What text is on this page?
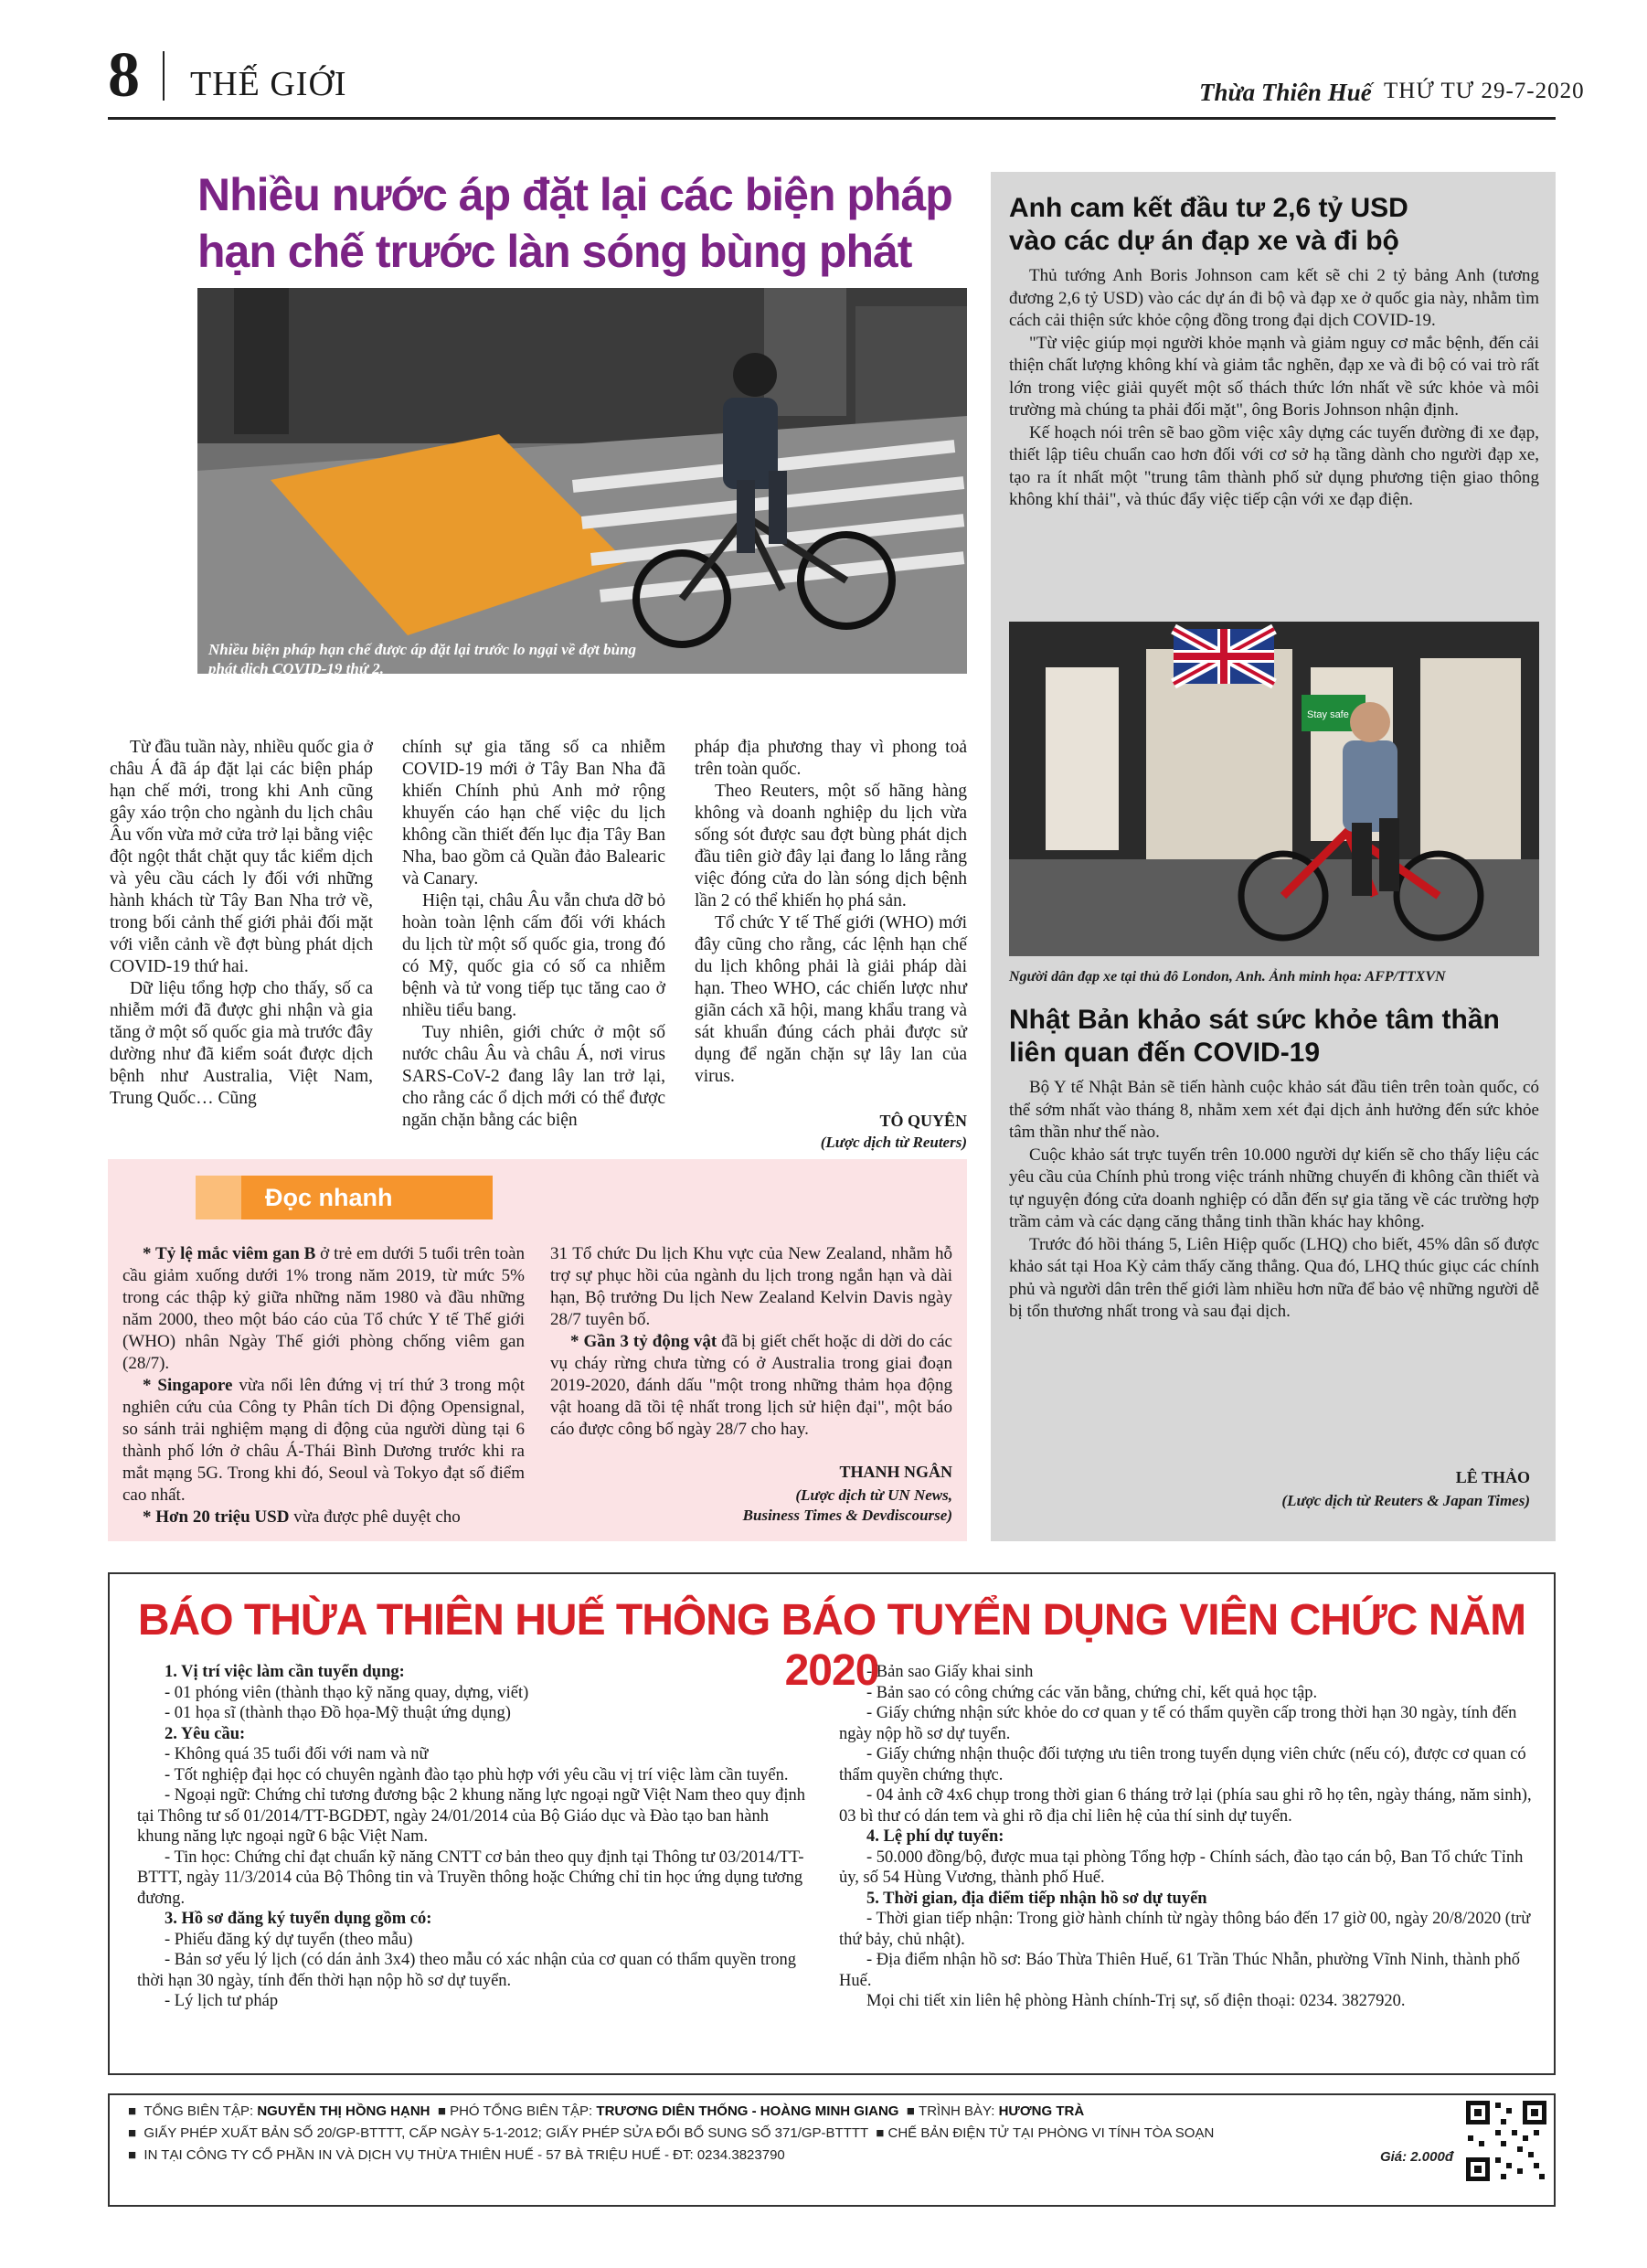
8 THẾ GIỚI	Thừa Thiên Huế THỨ TƯ 29-7-2020
Nhiều nước áp đặt lại các biện pháp hạn chế trước làn sóng bùng phát
Nhiều biện pháp hạn chế được áp đặt lại trước lo ngại về đợt bùng phát dịch COVID-19 thứ 2.
Ảnh minh họa Reuters/NLĐ

Từ đầu tuần này, nhiều quốc gia ở châu Á đã áp đặt lại các biện pháp hạn chế mới, trong khi Anh cũng gây xáo trộn cho ngành du lịch châu Âu vốn vừa mở cửa trở lại bằng việc đột ngột thắt chặt quy tắc kiểm dịch và yêu cầu cách ly đối với những hành khách từ Tây Ban Nha trở về, trong bối cảnh thế giới phải đối mặt với viễn cảnh về đợt bùng phát dịch COVID-19 thứ hai.

Dữ liệu tổng hợp cho thấy, số ca nhiễm mới đã được ghi nhận và gia tăng ở một số quốc gia mà trước đây dường như đã kiểm soát được dịch bệnh như Australia, Việt Nam, Trung Quốc… Cũng

chính sự gia tăng số ca nhiễm COVID-19 mới ở Tây Ban Nha đã khiến Chính phủ Anh mở rộng khuyến cáo hạn chế việc du lịch không cần thiết đến lục địa Tây Ban Nha, bao gồm cả Quần đảo Balearic và Canary.

Hiện tại, châu Âu vẫn chưa dỡ bỏ hoàn toàn lệnh cấm đối với khách du lịch từ một số quốc gia, trong đó có Mỹ, quốc gia có số ca nhiễm bệnh và tử vong tiếp tục tăng cao ở nhiều tiểu bang.

Tuy nhiên, giới chức ở một số nước châu Âu và châu Á, nơi virus SARS-CoV-2 đang lây lan trở lại, cho rằng các ổ dịch mới có thể được ngăn chặn bằng các biện

pháp địa phương thay vì phong toả trên toàn quốc.

Theo Reuters, một số hãng hàng không và doanh nghiệp du lịch vừa sống sót được sau đợt bùng phát dịch đầu tiên giờ đây lại đang lo lắng rằng việc đóng cửa do làn sóng dịch bệnh lần 2 có thể khiến họ phá sản.

Tổ chức Y tế Thế giới (WHO) mới đây cũng cho rằng, các lệnh hạn chế du lịch không phải là giải pháp dài hạn. Theo WHO, các chiến lược như giãn cách xã hội, mang khẩu trang và sát khuẩn đúng cách phải được sử dụng để ngăn chặn sự lây lan của virus.

TÔ QUYÊN
(Lược dịch từ Reuters)
Đọc nhanh

* Tỷ lệ mắc viêm gan B ở trẻ em dưới 5 tuổi trên toàn cầu giảm xuống dưới 1% trong năm 2019, từ mức 5% trong các thập kỷ giữa những năm 1980 và đầu những năm 2000, theo một báo cáo của Tổ chức Y tế Thế giới (WHO) nhân Ngày Thế giới phòng chống viêm gan (28/7).

* Singapore vừa nổi lên đứng vị trí thứ 3 trong một nghiên cứu của Công ty Phân tích Di động Opensignal, so sánh trải nghiệm mạng di động của người dùng tại 6 thành phố lớn ở châu Á-Thái Bình Dương trước khi ra mắt mạng 5G. Trong khi đó, Seoul và Tokyo đạt số điểm cao nhất.

* Hơn 20 triệu USD vừa được phê duyệt cho

31 Tổ chức Du lịch Khu vực của New Zealand, nhằm hỗ trợ sự phục hồi của ngành du lịch trong ngắn hạn và dài hạn, Bộ trưởng Du lịch New Zealand Kelvin Davis ngày 28/7 tuyên bố.

* Gần 3 tỷ động vật đã bị giết chết hoặc di dời do các vụ cháy rừng chưa từng có ở Australia trong giai đoạn 2019-2020, đánh dấu "một trong những thảm họa động vật hoang dã tồi tệ nhất trong lịch sử hiện đại", một báo cáo được công bố ngày 28/7 cho hay.

THANH NGÂN
(Lược dịch từ UN News,
Business Times & Devdiscourse)
Anh cam kết đầu tư 2,6 tỷ USD
vào các dự án đạp xe và đi bộ

Thủ tướng Anh Boris Johnson cam kết sẽ chi 2 tỷ bảng Anh (tương đương 2,6 tỷ USD) vào các dự án đi bộ và đạp xe ở quốc gia này, nhằm tìm cách cải thiện sức khỏe cộng đồng trong đại dịch COVID-19.

"Từ việc giúp mọi người khỏe mạnh và giảm nguy cơ mắc bệnh, đến cải thiện chất lượng không khí và giảm tắc nghẽn, đạp xe và đi bộ có vai trò rất lớn trong việc giải quyết một số thách thức lớn nhất về sức khỏe và môi trường mà chúng ta phải đối mặt", ông Boris Johnson nhận định.

Kế hoạch nói trên sẽ bao gồm việc xây dựng các tuyến đường đi xe đạp, thiết lập tiêu chuẩn cao hơn đối với cơ sở hạ tầng dành cho người đạp xe, tạo ra ít nhất một "trung tâm thành phố sử dụng phương tiện giao thông không khí thải", và thúc đẩy việc tiếp cận với xe đạp điện.

Stay safe
Người dân đạp xe tại thủ đô London, Anh. Ảnh minh họa: AFP/TTXVN
Nhật Bản khảo sát sức khỏe tâm thần
liên quan đến COVID-19

Bộ Y tế Nhật Bản sẽ tiến hành cuộc khảo sát đầu tiên trên toàn quốc, có thể sớm nhất vào tháng 8, nhằm xem xét đại dịch ảnh hưởng đến sức khỏe tâm thần như thế nào.

Cuộc khảo sát trực tuyến trên 10.000 người dự kiến sẽ cho thấy liệu các yêu cầu của Chính phủ trong việc tránh những chuyến đi không cần thiết và tự nguyện đóng cửa doanh nghiệp có dẫn đến sự gia tăng về các trường hợp trầm cảm và các dạng căng thẳng tinh thần khác hay không.

Trước đó hồi tháng 5, Liên Hiệp quốc (LHQ) cho biết, 45% dân số được khảo sát tại Hoa Kỳ cảm thấy căng thẳng. Qua đó, LHQ thúc giục các chính phủ và người dân trên thế giới làm nhiều hơn nữa để bảo vệ những người dễ bị tổn thương nhất trong và sau đại dịch.

LÊ THẢO
(Lược dịch từ Reuters & Japan Times)
BÁO THỪA THIÊN HUẾ THÔNG BÁO TUYỂN DỤNG VIÊN CHỨC NĂM 2020
1. Vị trí việc làm cần tuyển dụng:
- 01 phóng viên (thành thạo kỹ năng quay, dựng, viết)
- 01 họa sĩ (thành thạo Đồ họa-Mỹ thuật ứng dụng)
2. Yêu cầu:
- Không quá 35 tuổi đối với nam và nữ
- Tốt nghiệp đại học có chuyên ngành đào tạo phù hợp với yêu cầu vị trí việc làm cần tuyển.
- Ngoại ngữ: Chứng chỉ tương đương bậc 2 khung năng lực ngoại ngữ Việt Nam theo quy định tại Thông tư số 01/2014/TT-BGDĐT, ngày 24/01/2014 của Bộ Giáo dục và Đào tạo ban hành khung năng lực ngoại ngữ 6 bậc Việt Nam.
- Tin học: Chứng chỉ đạt chuẩn kỹ năng CNTT cơ bản theo quy định tại Thông tư 03/2014/TT-BTTT, ngày 11/3/2014 của Bộ Thông tin và Truyền thông hoặc Chứng chỉ tin học ứng dụng tương đương.
3. Hồ sơ đăng ký tuyển dụng gồm có:
- Phiếu đăng ký dự tuyển (theo mẫu)
- Bản sơ yếu lý lịch (có dán ảnh 3x4) theo mẫu có xác nhận của cơ quan có thẩm quyền trong thời hạn 30 ngày, tính đến thời hạn nộp hồ sơ dự tuyển.
- Lý lịch tư pháp
- Bản sao Giấy khai sinh
- Bản sao có công chứng các văn bằng, chứng chỉ, kết quả học tập.
- Giấy chứng nhận sức khỏe do cơ quan y tế có thẩm quyền cấp trong thời hạn 30 ngày, tính đến ngày nộp hồ sơ dự tuyển.
- Giấy chứng nhận thuộc đối tượng ưu tiên trong tuyển dụng viên chức (nếu có), được cơ quan có thẩm quyền chứng thực.
- 04 ảnh cỡ 4x6 chụp trong thời gian 6 tháng trở lại (phía sau ghi rõ họ tên, ngày tháng, năm sinh), 03 bì thư có dán tem và ghi rõ địa chỉ liên hệ của thí sinh dự tuyển.
4. Lệ phí dự tuyển:
- 50.000 đồng/bộ, được mua tại phòng Tổng hợp - Chính sách, đào tạo cán bộ, Ban Tổ chức Tỉnh ủy, số 54 Hùng Vương, thành phố Huế.
5. Thời gian, địa điểm tiếp nhận hồ sơ dự tuyển
- Thời gian tiếp nhận: Trong giờ hành chính từ ngày thông báo đến 17 giờ 00, ngày 20/8/2020 (trừ thứ bảy, chủ nhật).
- Địa điểm nhận hồ sơ: Báo Thừa Thiên Huế, 61 Trần Thúc Nhẫn, phường Vĩnh Ninh, thành phố Huế.
Mọi chi tiết xin liên hệ phòng Hành chính-Trị sự, số điện thoại: 0234. 3827920.
■  TỔNG BIÊN TẬP: NGUYỄN THỊ HỒNG HẠNH  ■ PHÓ TỔNG BIÊN TẬP: TRƯƠNG DIÊN THỐNG - HOÀNG MINH GIANG  ■ TRÌNH BÀY: HƯƠNG TRÀ
■  GIẤY PHÉP XUẤT BẢN SỐ 20/GP-BTTTT, CẤP NGÀY 5-1-2012; GIẤY PHÉP SỬA ĐỔI BỔ SUNG SỐ 371/GP-BTTTT  ■ CHẾ BẢN ĐIỆN TỬ TẠI PHÒNG VI TÍNH TÒA SOẠN
■  IN TẠI CÔNG TY CỔ PHẦN IN VÀ DỊCH VỤ THỪA THIÊN HUẾ - 57 BÀ TRIỆU HUẾ - ĐT: 0234.3823790	Giá: 2.000đ
